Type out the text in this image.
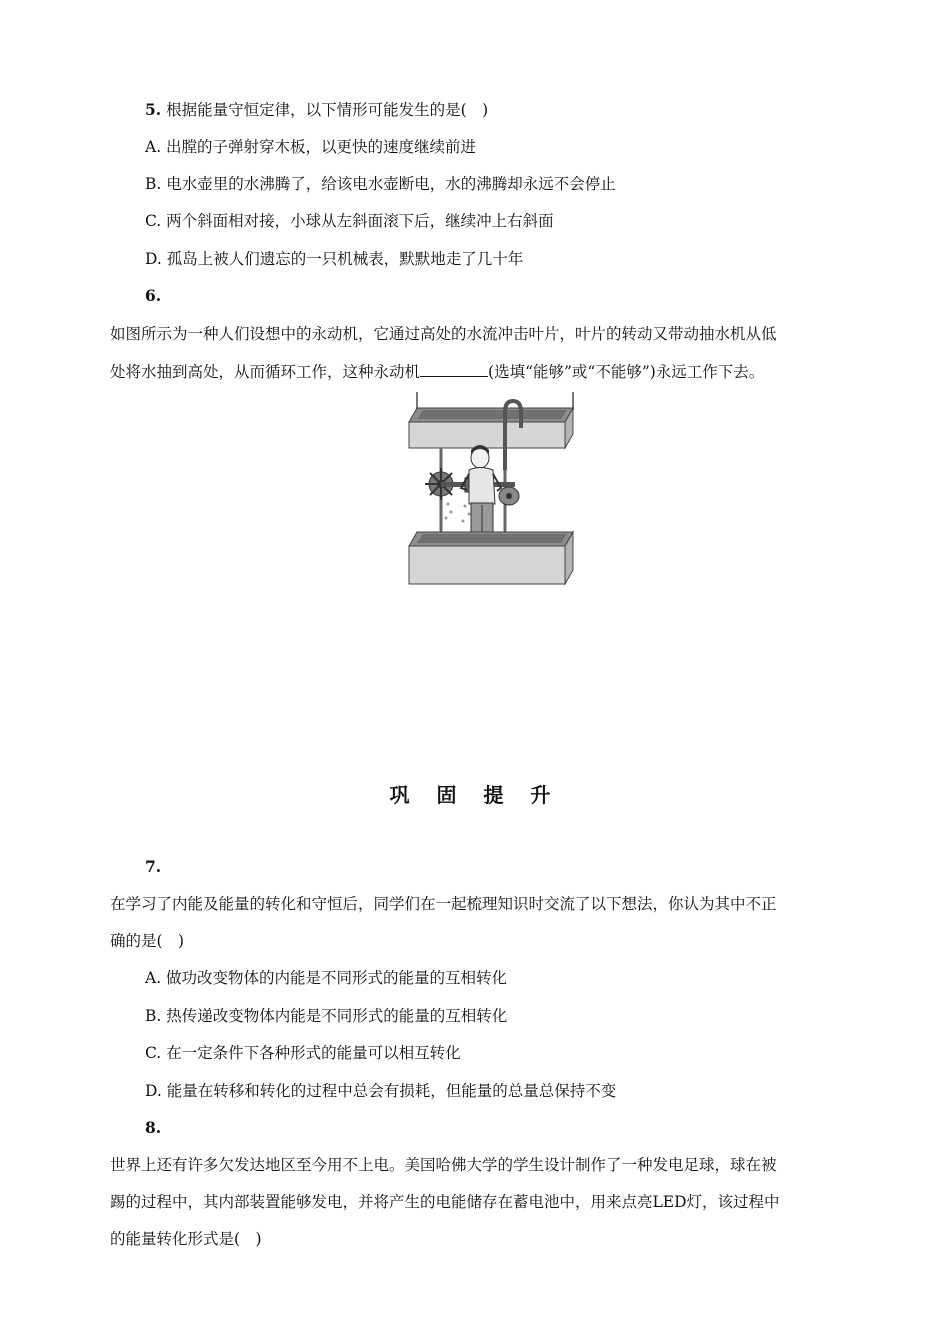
5. 根据能量守恒定律，以下情形可能发生的是(　)
A. 出膛的子弹射穿木板，以更快的速度继续前进
B. 电水壶里的水沸腾了，给该电水壶断电，水的沸腾却永远不会停止
C. 两个斜面相对接，小球从左斜面滚下后，继续冲上右斜面
D. 孤岛上被人们遗忘的一只机械表，默默地走了几十年
6.
如图所示为一种人们设想中的永动机，它通过高处的水流冲击叶片，叶片的转动又带动抽水机从低
处将水抽到高处，从而循环工作，这种永动机	(选填“能够”或“不能够”)永远工作下去。
巩 固 提 升
7.
在学习了内能及能量的转化和守恒后，同学们在一起梳理知识时交流了以下想法，你认为其中不正
确的是(　)
A. 做功改变物体的内能是不同形式的能量的互相转化
B. 热传递改变物体内能是不同形式的能量的互相转化
C. 在一定条件下各种形式的能量可以相互转化
D. 能量在转移和转化的过程中总会有损耗，但能量的总量总保持不变
8.
世界上还有许多欠发达地区至今用不上电。美国哈佛大学的学生设计制作了一种发电足球，球在被
踢的过程中，其内部装置能够发电，并将产生的电能储存在蓄电池中，用来点亮LED灯，该过程中
的能量转化形式是(　)
